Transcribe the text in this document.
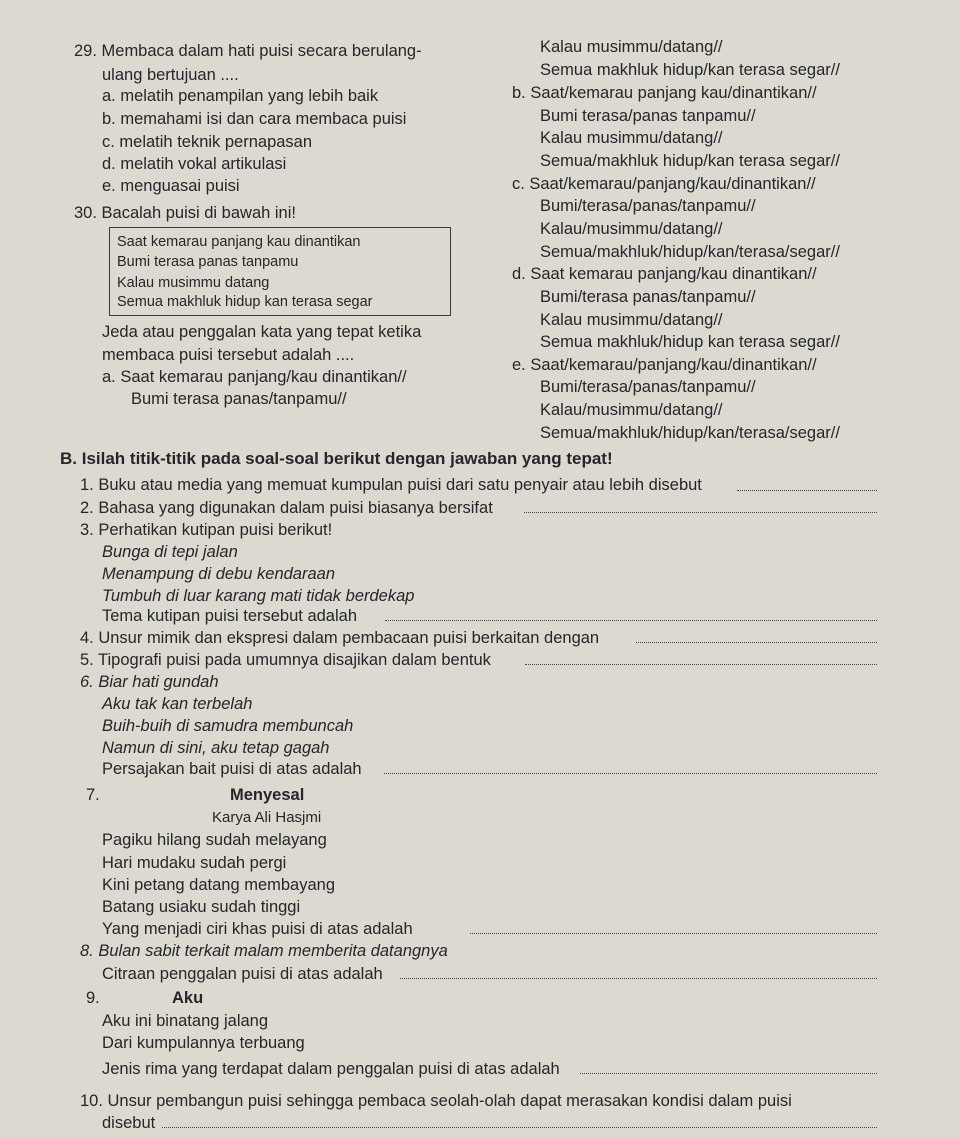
29. Membaca dalam hati puisi secara berulang-
ulang bertujuan ....
a. melatih penampilan yang lebih baik
b. memahami isi dan cara membaca puisi
c. melatih teknik pernapasan
d. melatih vokal artikulasi
e. menguasai puisi
30. Bacalah puisi di bawah ini!
Saat kemarau panjang kau dinantikan
Bumi terasa panas tanpamu
Kalau musimmu datang
Semua makhluk hidup kan terasa segar
Jeda atau penggalan kata yang tepat ketika
membaca puisi tersebut adalah ....
a. Saat kemarau panjang/kau dinantikan//
Bumi terasa panas/tanpamu//
Kalau musimmu/datang//
Semua makhluk hidup/kan terasa segar//
b. Saat/kemarau panjang kau/dinantikan//
Bumi terasa/panas tanpamu//
Kalau musimmu/datang//
Semua/makhluk hidup/kan terasa segar//
c. Saat/kemarau/panjang/kau/dinantikan//
Bumi/terasa/panas/tanpamu//
Kalau/musimmu/datang//
Semua/makhluk/hidup/kan/terasa/segar//
d. Saat kemarau panjang/kau dinantikan//
Bumi/terasa panas/tanpamu//
Kalau musimmu/datang//
Semua makhluk/hidup kan terasa segar//
e. Saat/kemarau/panjang/kau/dinantikan//
Bumi/terasa/panas/tanpamu//
Kalau/musimmu/datang//
Semua/makhluk/hidup/kan/terasa/segar//
B. Isilah titik-titik pada soal-soal berikut dengan jawaban yang tepat!
1. Buku atau media yang memuat kumpulan puisi dari satu penyair atau lebih disebut
2. Bahasa yang digunakan dalam puisi biasanya bersifat
3. Perhatikan kutipan puisi berikut!
Bunga di tepi jalan
Menampung di debu kendaraan
Tumbuh di luar karang mati tidak berdekap
Tema kutipan puisi tersebut adalah
4. Unsur mimik dan ekspresi dalam pembacaan puisi berkaitan dengan
5. Tipografi puisi pada umumnya disajikan dalam bentuk
6. Biar hati gundah
Aku tak kan terbelah
Buih-buih di samudra membuncah
Namun di sini, aku tetap gagah
Persajakan bait puisi di atas adalah
7.	Menyesal
Karya Ali Hasjmi
Pagiku hilang sudah melayang
Hari mudaku sudah pergi
Kini petang datang membayang
Batang usiaku sudah tinggi
Yang menjadi ciri khas puisi di atas adalah
8. Bulan sabit terkait malam memberita datangnya
Citraan penggalan puisi di atas adalah
9.	Aku
Aku ini binatang jalang
Dari kumpulannya terbuang
Jenis rima yang terdapat dalam penggalan puisi di atas adalah
10. Unsur pembangun puisi sehingga pembaca seolah-olah dapat merasakan kondisi dalam puisi
disebut
